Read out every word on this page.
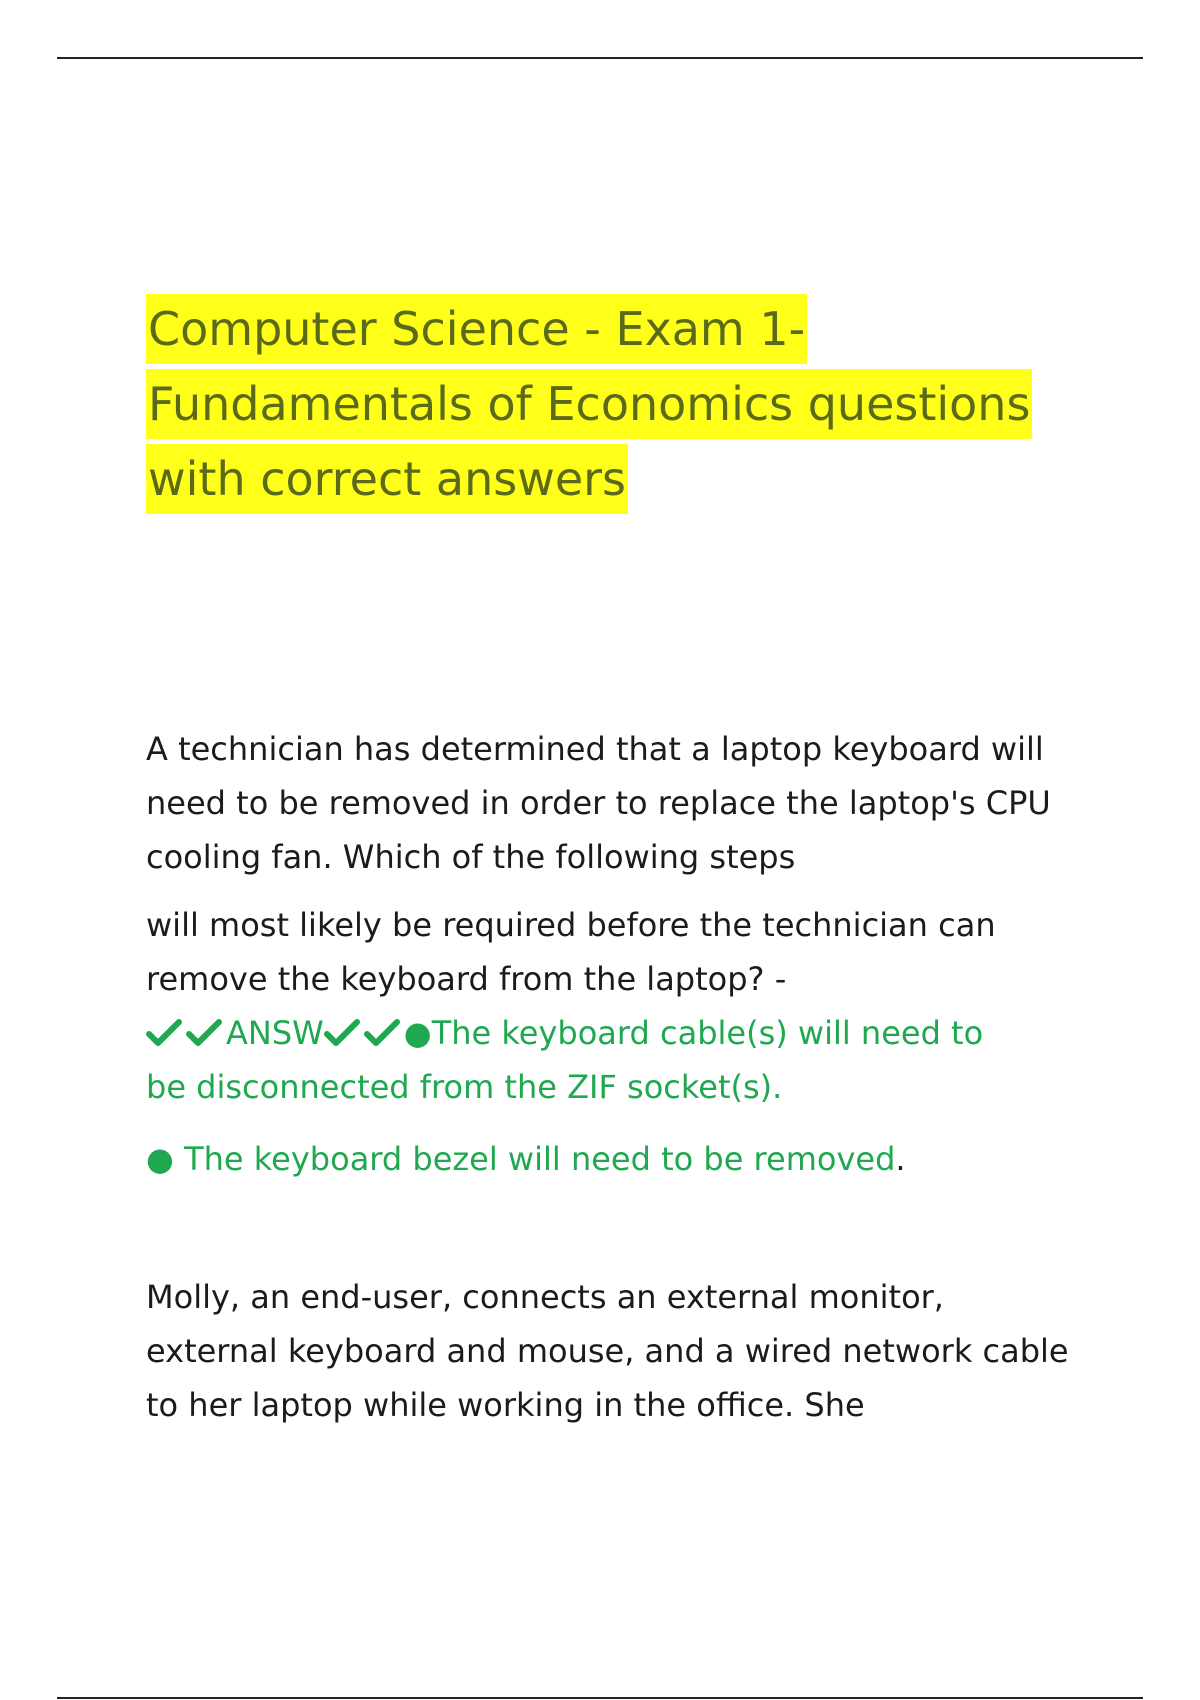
Computer Science - Exam 1-
Fundamentals of Economics questions
with correct answers

A technician has determined that a laptop keyboard will
need to be removed in order to replace the laptop's CPU
cooling fan. Which of the following steps

will most likely be required before the technician can
remove the keyboard from the laptop? -

ANSW	●The keyboard cable(s) will need to
be disconnected from the ZIF socket(s).

● The keyboard bezel will need to be removed.

Molly, an end-user, connects an external monitor,
external keyboard and mouse, and a wired network cable
to her laptop while working in the office. She
